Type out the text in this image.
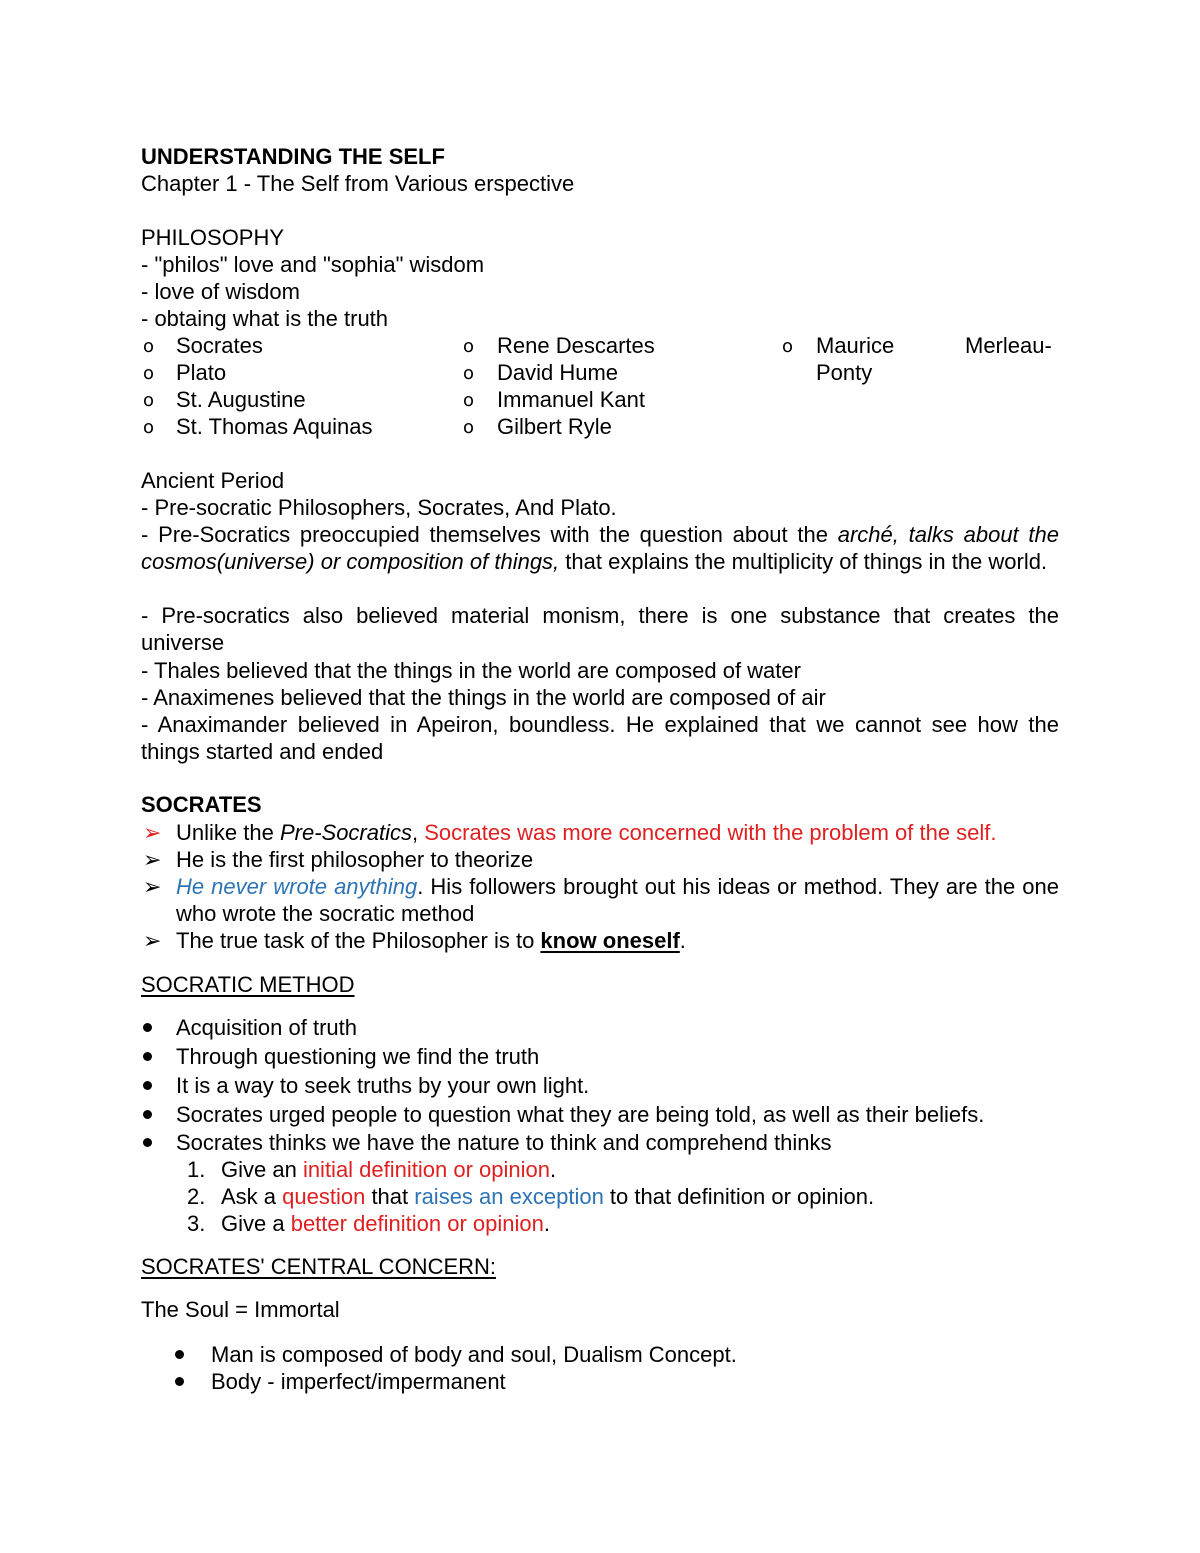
UNDERSTANDING THE SELF
Chapter 1 - The Self from Various erspective
PHILOSOPHY
- "philos" love and "sophia" wisdom
- love of wisdom
- obtaing what is the truth
o
o
o
o
Socrates
Plato
St. Augustine
St. Thomas Aquinas
o
o
o
o
Rene Descartes
David Hume
Immanuel Kant
Gilbert Ryle
o Maurice	Merleau-
Ponty
Ancient Period
- Pre-socratic Philosophers, Socrates, And Plato.
- Pre-Socratics preoccupied themselves with the question about the arché, talks about the cosmos(universe) or composition of things, that explains the multiplicity of things in the world.
- Pre-socratics also believed material monism, there is one substance that creates the universe
- Thales believed that the things in the world are composed of water
- Anaximenes believed that the things in the world are composed of air
- Anaximander believed in Apeiron, boundless. He explained that we cannot see how the things started and ended
SOCRATES
➢ Unlike the Pre-Socratics, Socrates was more concerned with the problem of the self.
➢ He is the first philosopher to theorize
➢ He never wrote anything. His followers brought out his ideas or method. They are the one who wrote the socratic method
➢ The true task of the Philosopher is to know oneself.
SOCRATIC METHOD
Acquisition of truth
Through questioning we find the truth
It is a way to seek truths by your own light.
Socrates urged people to question what they are being told, as well as their beliefs.
Socrates thinks we have the nature to think and comprehend thinks
1. Give an initial definition or opinion.
2. Ask a question that raises an exception to that definition or opinion.
3. Give a better definition or opinion.
SOCRATES' CENTRAL CONCERN:
The Soul = Immortal
Man is composed of body and soul, Dualism Concept.
Body - imperfect/impermanent
